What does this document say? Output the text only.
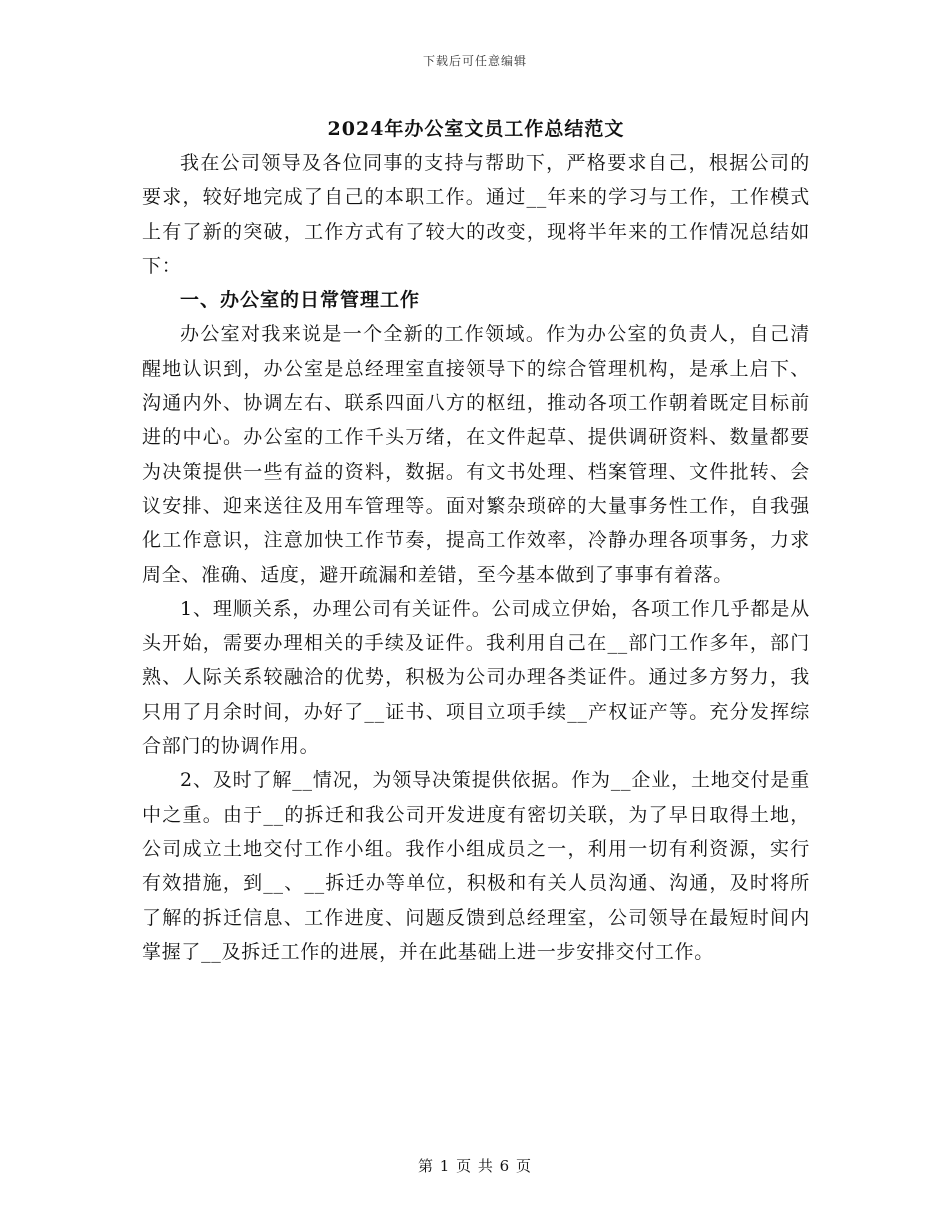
下载后可任意编辑
2024年办公室文员工作总结范文

我在公司领导及各位同事的支持与帮助下，严格要求自己，根据公司的要求，较好地完成了自己的本职工作。通过__年来的学习与工作，工作模式上有了新的突破，工作方式有了较大的改变，现将半年来的工作情况总结如下：

一、办公室的日常管理工作

办公室对我来说是一个全新的工作领域。作为办公室的负责人，自己清醒地认识到，办公室是总经理室直接领导下的综合管理机构，是承上启下、沟通内外、协调左右、联系四面八方的枢纽，推动各项工作朝着既定目标前进的中心。办公室的工作千头万绪，在文件起草、提供调研资料、数量都要为决策提供一些有益的资料，数据。有文书处理、档案管理、文件批转、会议安排、迎来送往及用车管理等。面对繁杂琐碎的大量事务性工作，自我强化工作意识，注意加快工作节奏，提高工作效率，冷静办理各项事务，力求周全、准确、适度，避开疏漏和差错，至今基本做到了事事有着落。

1、理顺关系，办理公司有关证件。公司成立伊始，各项工作几乎都是从头开始，需要办理相关的手续及证件。我利用自己在__部门工作多年，部门熟、人际关系较融洽的优势，积极为公司办理各类证件。通过多方努力，我只用了月余时间，办好了__证书、项目立项手续__产权证产等。充分发挥综合部门的协调作用。

2、及时了解__情况，为领导决策提供依据。作为__企业，土地交付是重中之重。由于__的拆迁和我公司开发进度有密切关联，为了早日取得土地，公司成立土地交付工作小组。我作小组成员之一，利用一切有利资源，实行有效措施，到__、__拆迁办等单位，积极和有关人员沟通、沟通，及时将所了解的拆迁信息、工作进度、问题反馈到总经理室，公司领导在最短时间内掌握了__及拆迁工作的进展，并在此基础上进一步安排交付工作。

第 1 页 共 6 页
